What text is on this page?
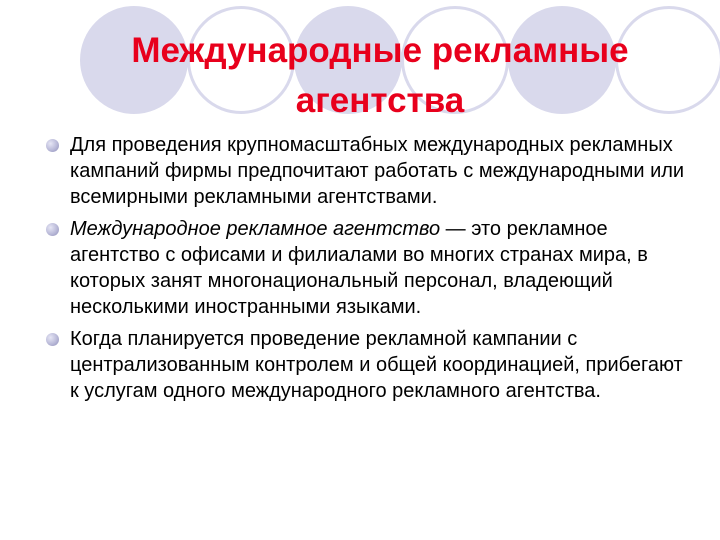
Международные рекламные
агентства
Для проведения крупномасштабных международных рекламных кампаний фирмы предпочитают работать с международными или всемирными рекламными агентствами.
Международное рекламное агентство — это рекламное агентство с офисами и филиалами во многих странах мира, в которых занят многонациональный персонал, владеющий несколькими иностранными языками.
Когда планируется проведение рекламной кампании с централизованным контролем и общей координацией, прибегают к услугам одного международного рекламного агентства.
